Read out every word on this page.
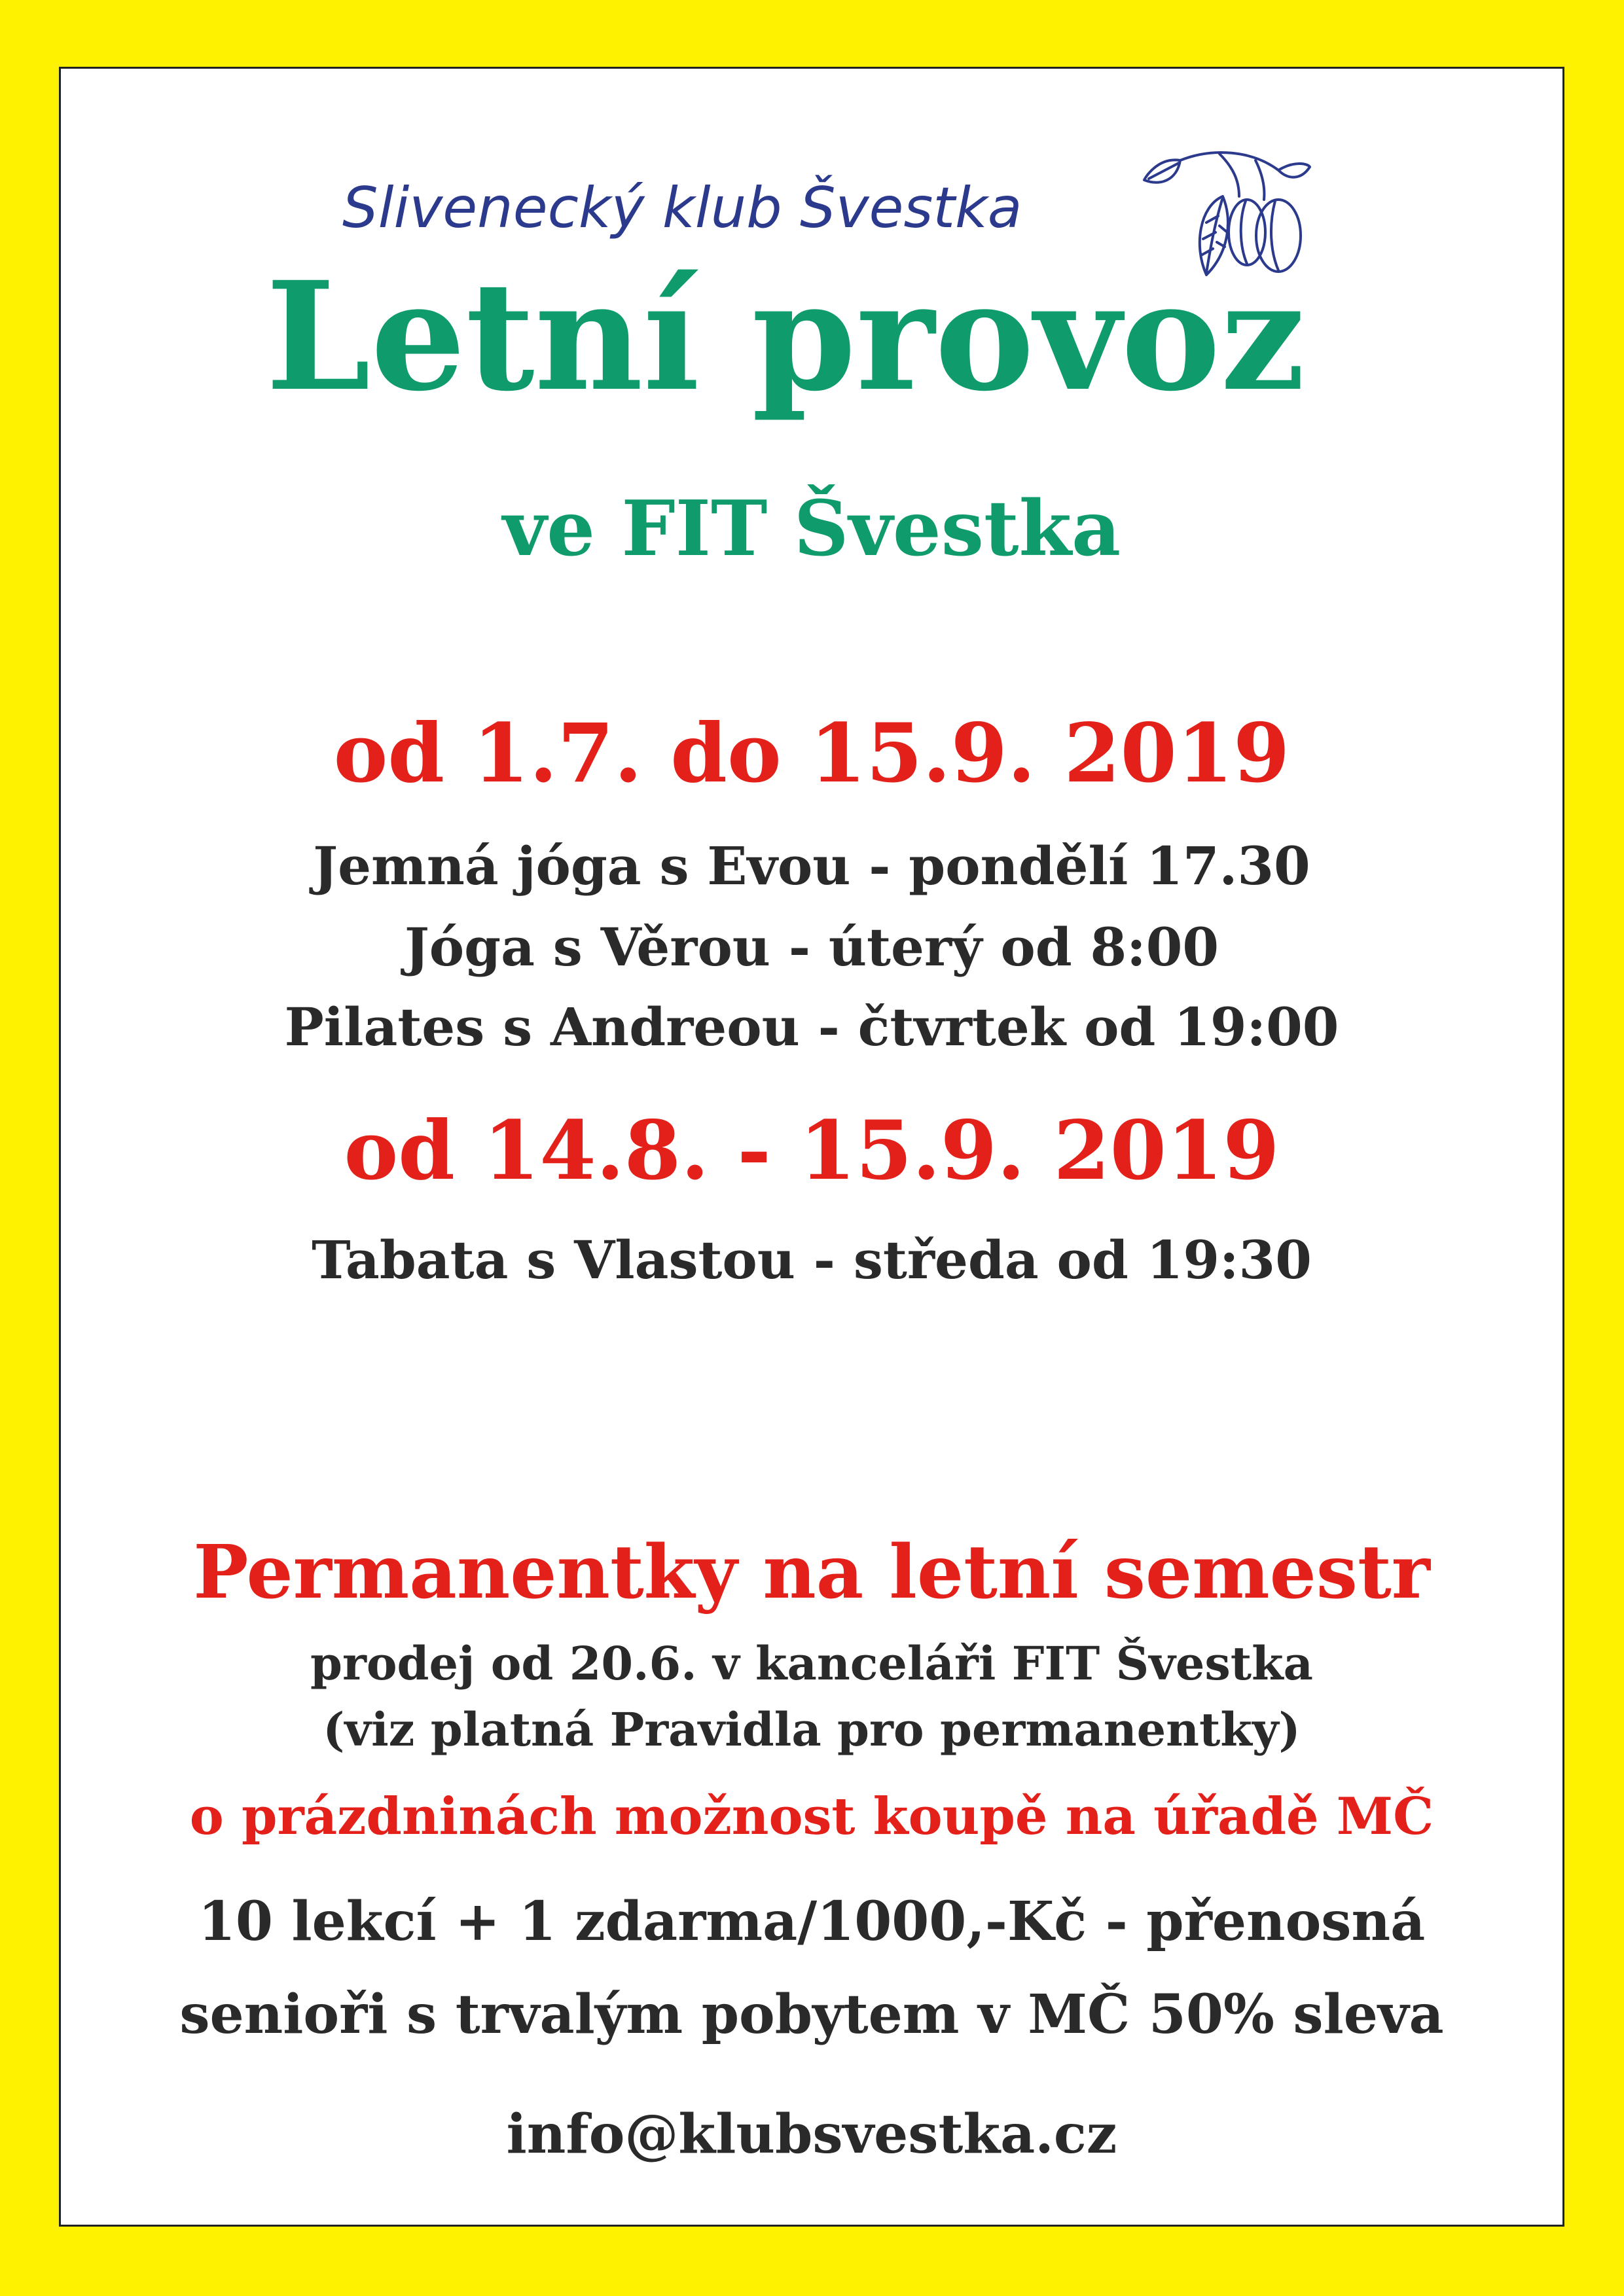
Slivenecký klub Švestka
Letní provoz
ve FIT Švestka
od 1.7. do 15.9. 2019
Jemná jóga s Evou - pondělí 17.30
Jóga s Věrou - úterý od 8:00
Pilates s Andreou - čtvrtek od 19:00
od 14.8. - 15.9. 2019
Tabata s Vlastou - středa od 19:30
Permanentky na letní semestr
prodej od 20.6. v kanceláři FIT Švestka
(viz platná Pravidla pro permanentky)
o prázdninách možnost koupě na úřadě MČ
10 lekcí + 1 zdarma/1000,-Kč - přenosná
senioři s trvalým pobytem v MČ 50% sleva
info@klubsvestka.cz
